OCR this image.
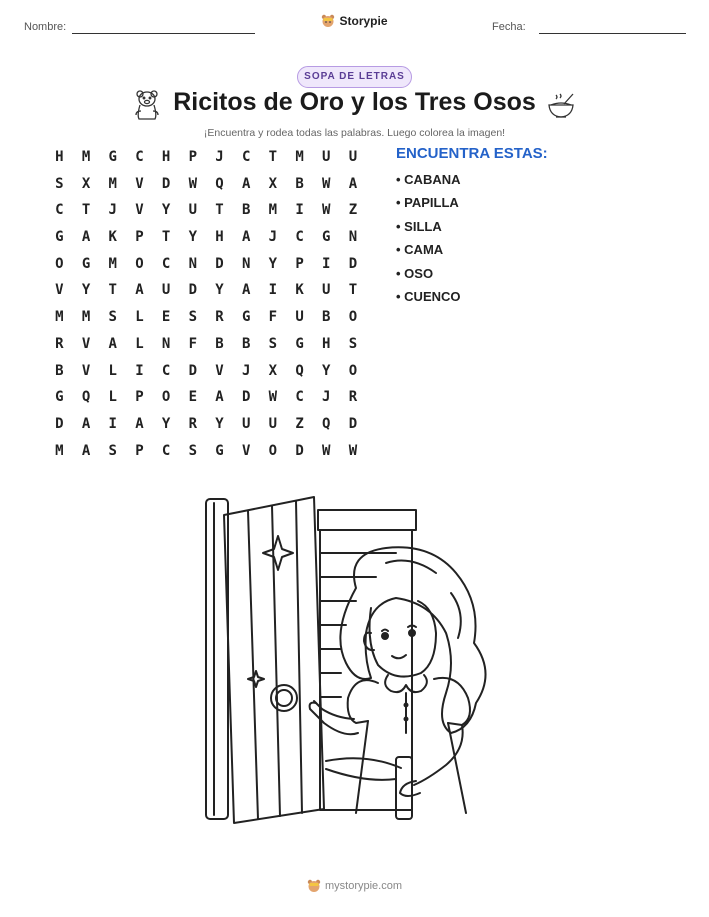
Nombre:	Storypie	Fecha:
SOPA DE LETRAS
Ricitos de Oro y los Tres Osos
¡Encuentra y rodea todas las palabras. Luego colorea la imagen!
H	M	G	C	H	P	J	C	T	M	U	U
S	X	M	V	D	W	Q	A	X	B	W	A
C	T	J	V	Y	U	T	B	M	I	W	Z
G	A	K	P	T	Y	H	A	J	C	G	N
O	G	M	O	C	N	D	N	Y	P	I	D
V	Y	T	A	U	D	Y	A	I	K	U	T
M	M	S	L	E	S	R	G	F	U	B	O
R	V	A	L	N	F	B	B	S	G	H	S
B	V	L	I	C	D	V	J	X	Q	Y	O
G	Q	L	P	O	E	A	D	W	C	J	R
D	A	I	A	Y	R	Y	U	U	Z	Q	D
M	A	S	P	C	S	G	V	O	D	W	W
ENCUENTRA ESTAS:
• CABANA
• PAPILLA
• SILLA
• CAMA
• OSO
• CUENCO
mystorypie.com
